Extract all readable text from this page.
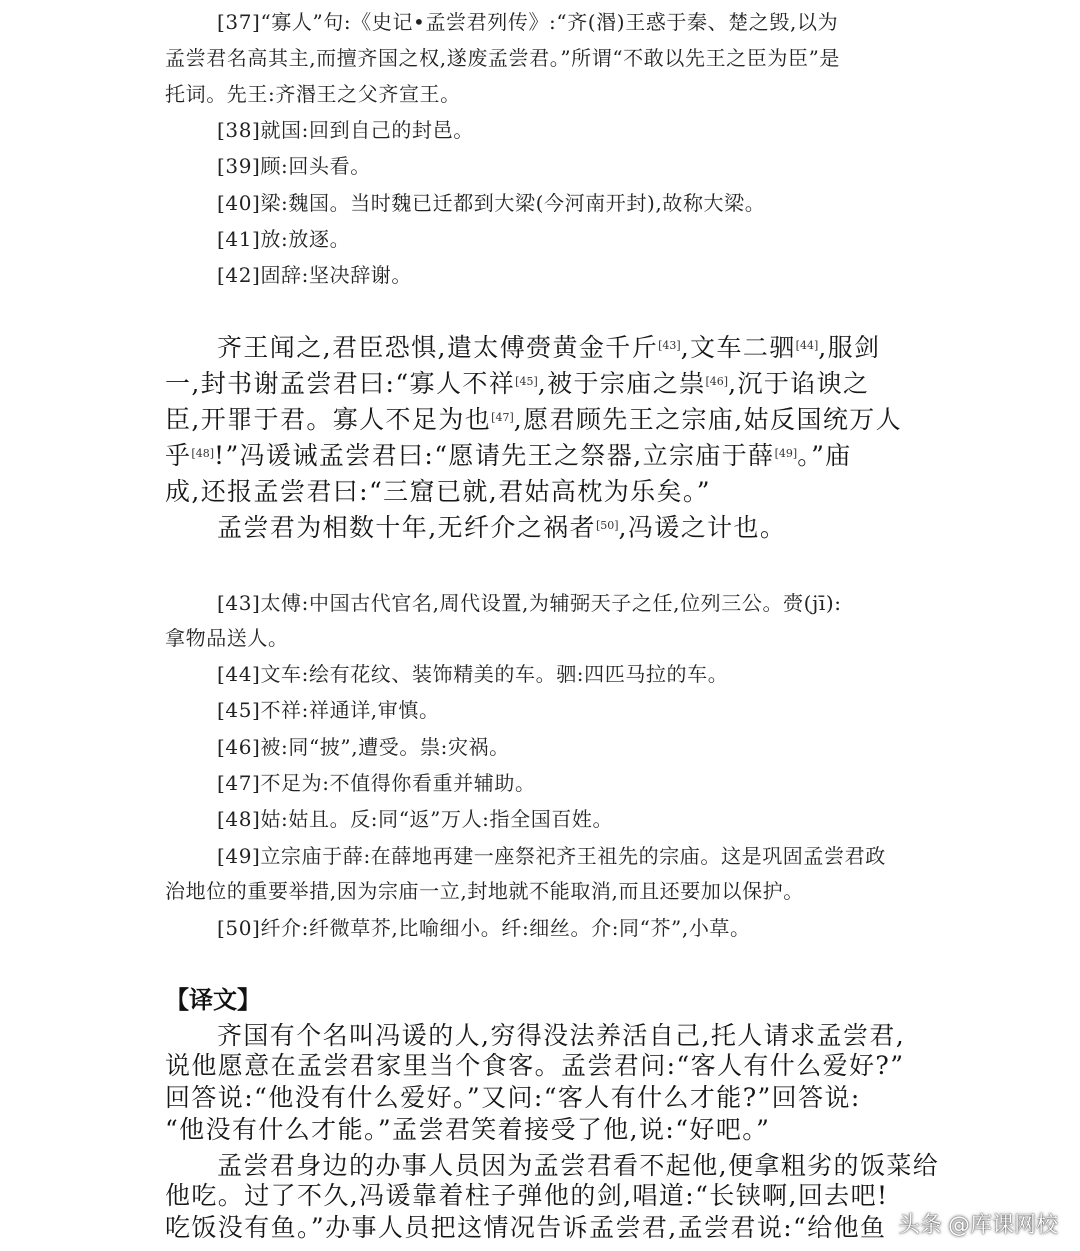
[37]“寡人”句:《史记•孟尝君列传》:“齐(湣)王惑于秦、楚之毁,以为
孟尝君名高其主,而擅齐国之权,遂废孟尝君。”所谓“不敢以先王之臣为臣”是
托词。先王:齐湣王之父齐宣王。
[38]就国:回到自己的封邑。
[39]顾:回头看。
[40]梁:魏国。当时魏已迁都到大梁(今河南开封),故称大梁。
[41]放:放逐。
[42]固辞:坚决辞谢。
齐王闻之,君臣恐惧,遣太傅赍黄金千斤[43],文车二驷[44],服剑
一,封书谢孟尝君曰:“寡人不祥[45],被于宗庙之祟[46],沉于谄谀之
臣,开罪于君。寡人不足为也[47],愿君顾先王之宗庙,姑反国统万人
乎[48]!”冯谖诫孟尝君曰:“愿请先王之祭器,立宗庙于薛[49]。”庙
成,还报孟尝君曰:“三窟已就,君姑高枕为乐矣。”
孟尝君为相数十年,无纤介之祸者[50],冯谖之计也。
[43]太傅:中国古代官名,周代设置,为辅弼天子之任,位列三公。赍(jī):
拿物品送人。
[44]文车:绘有花纹、装饰精美的车。驷:四匹马拉的车。
[45]不祥:祥通详,审慎。
[46]被:同“披”,遭受。祟:灾祸。
[47]不足为:不值得你看重并辅助。
[48]姑:姑且。反:同“返”万人:指全国百姓。
[49]立宗庙于薛:在薛地再建一座祭祀齐王祖先的宗庙。这是巩固孟尝君政
治地位的重要举措,因为宗庙一立,封地就不能取消,而且还要加以保护。
[50]纤介:纤微草芥,比喻细小。纤:细丝。介:同“芥”,小草。
【译文】
齐国有个名叫冯谖的人,穷得没法养活自己,托人请求孟尝君,
说他愿意在孟尝君家里当个食客。孟尝君问:“客人有什么爱好?”
回答说:“他没有什么爱好。”又问:“客人有什么才能?”回答说:
“他没有什么才能。”孟尝君笑着接受了他,说:“好吧。”
孟尝君身边的办事人员因为孟尝君看不起他,便拿粗劣的饭菜给
他吃。过了不久,冯谖靠着柱子弹他的剑,唱道:“长铗啊,回去吧!
吃饭没有鱼。”办事人员把这情况告诉孟尝君,孟尝君说:“给他鱼 头条 @库课网校
